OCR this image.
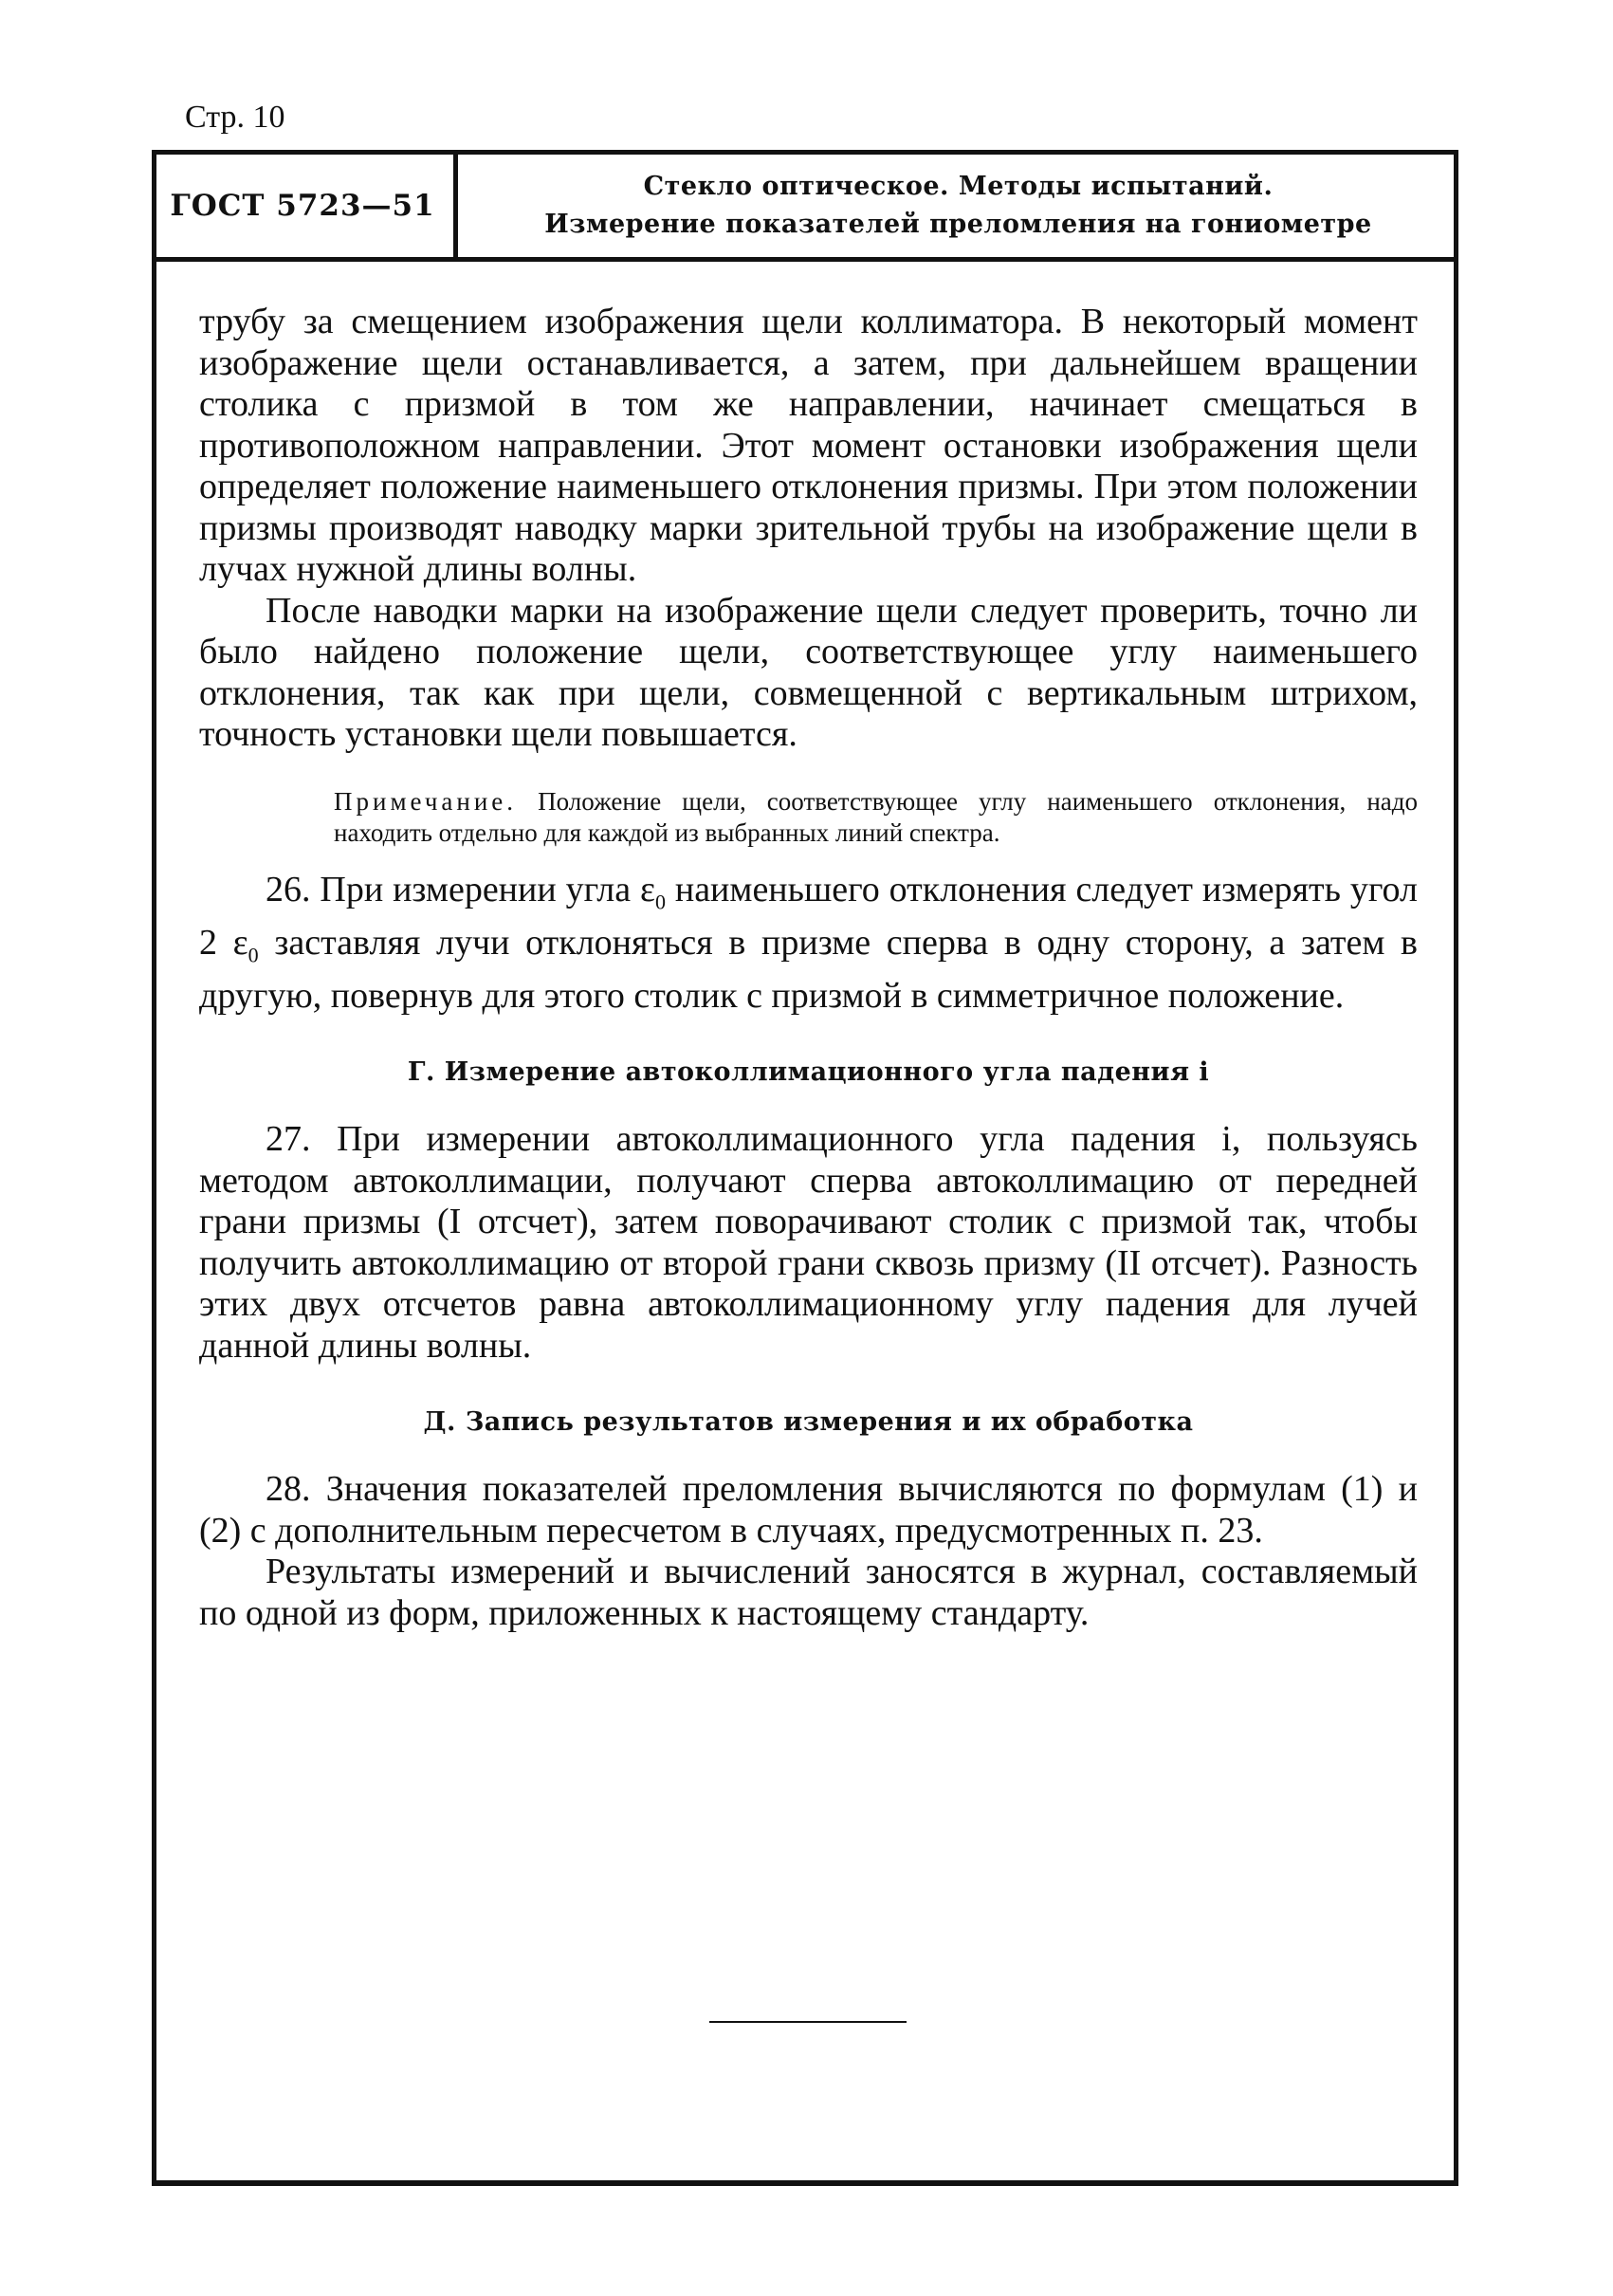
Стр. 10
ГОСТ 5723—51
Стекло оптическое. Методы испытаний.
Измерение показателей преломления на гониометре

трубу за смещением изображения щели коллиматора. В некоторый момент изображение щели останавливается, а затем, при дальнейшем вращении столика с призмой в том же направлении, начинает смещаться в противоположном направлении. Этот момент остановки изображения щели определяет положение наименьшего отклонения призмы. При этом положении призмы производят наводку марки зрительной трубы на изображение щели в лучах нужной длины волны.

После наводки марки на изображение щели следует проверить, точно ли было найдено положение щели, соответствующее углу наименьшего отклонения, так как при щели, совмещенной с вертикальным штрихом, точность установки щели повышается.

Примечание. Положение щели, соответствующее углу наименьшего отклонения, надо находить отдельно для каждой из выбранных линий спектра.

26. При измерении угла $\varepsilon_0$ наименьшего отклонения следует измерять угол 2 $\varepsilon_0$ заставляя лучи отклоняться в призме сперва в одну сторону, а затем в другую, повернув для этого столик с призмой в симметричное положение.

Г. Измерение автоколлимационного угла падения i

27. При измерении автоколлимационного угла падения i, пользуясь методом автоколлимации, получают сперва автоколлимацию от передней грани призмы (I отсчет), затем поворачивают столик с призмой так, чтобы получить автоколлимацию от второй грани сквозь призму (II отсчет). Разность этих двух отсчетов равна автоколлимационному углу падения для лучей данной длины волны.

Д. Запись результатов измерения и их обработка

28. Значения показателей преломления вычисляются по формулам (1) и (2) с дополнительным пересчетом в случаях, предусмотренных п. 23.

Результаты измерений и вычислений заносятся в журнал, составляемый по одной из форм, приложенных к настоящему стандарту.
